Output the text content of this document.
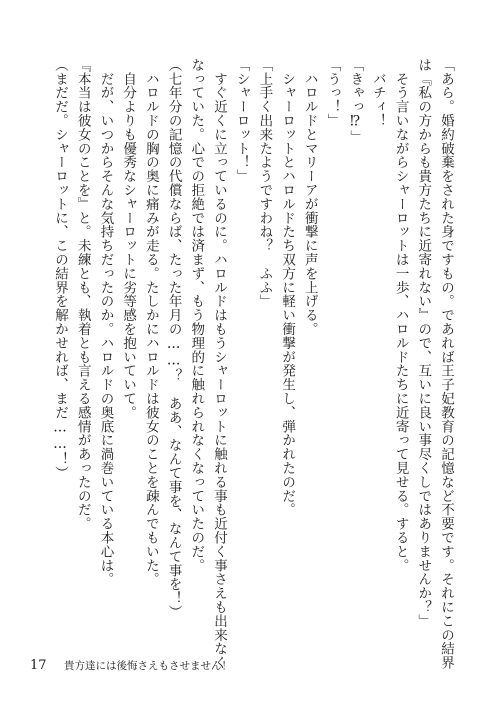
「あら。婚約破棄をされた身ですもの。であれば王子妃教育の記憶など不要です。それにこの結界
は『私の方からも貴方たちに近寄れない』ので、互いに良い事尽くしではありませんか？」
　そう言いながらシャーロットは一歩、ハロルドたちに近寄って見せる。すると。
　バチィ！
「きゃっ⁉」
「うっ！」
　ハロルドとマリーアが衝撃に声を上げる。
　シャーロットとハロルドたち双方に軽い衝撃が発生し、弾かれたのだ。
「上手く出来たようですわね？　ふふ」
「シャーロット！」
　すぐ近くに立っているのに。ハロルドはもうシャーロットに触れる事も近付く事さえも出来なく
なっていた。心での拒絶では済まず、もう物理的に触れられなくなっていたのだ。
（七年分の記憶の代償ならば、たった年月の……？　ああ、なんて事を、なんて事を！）
　ハロルドの胸の奥に痛みが走る。たしかにハロルドは彼女のことを疎んでもいた。
　自分よりも優秀なシャーロットに劣等感を抱いていて。
　だが、いつからそんな気持ちだったのか。ハロルドの奥底に渦巻いている本心は。
『本当は彼女のことを』と。未練とも、執着とも言える感情があったのだ。
（まだだ。シャーロットに、この結界を解かせれば、まだ……！）
17 貴方達には後悔さえもさせません！
